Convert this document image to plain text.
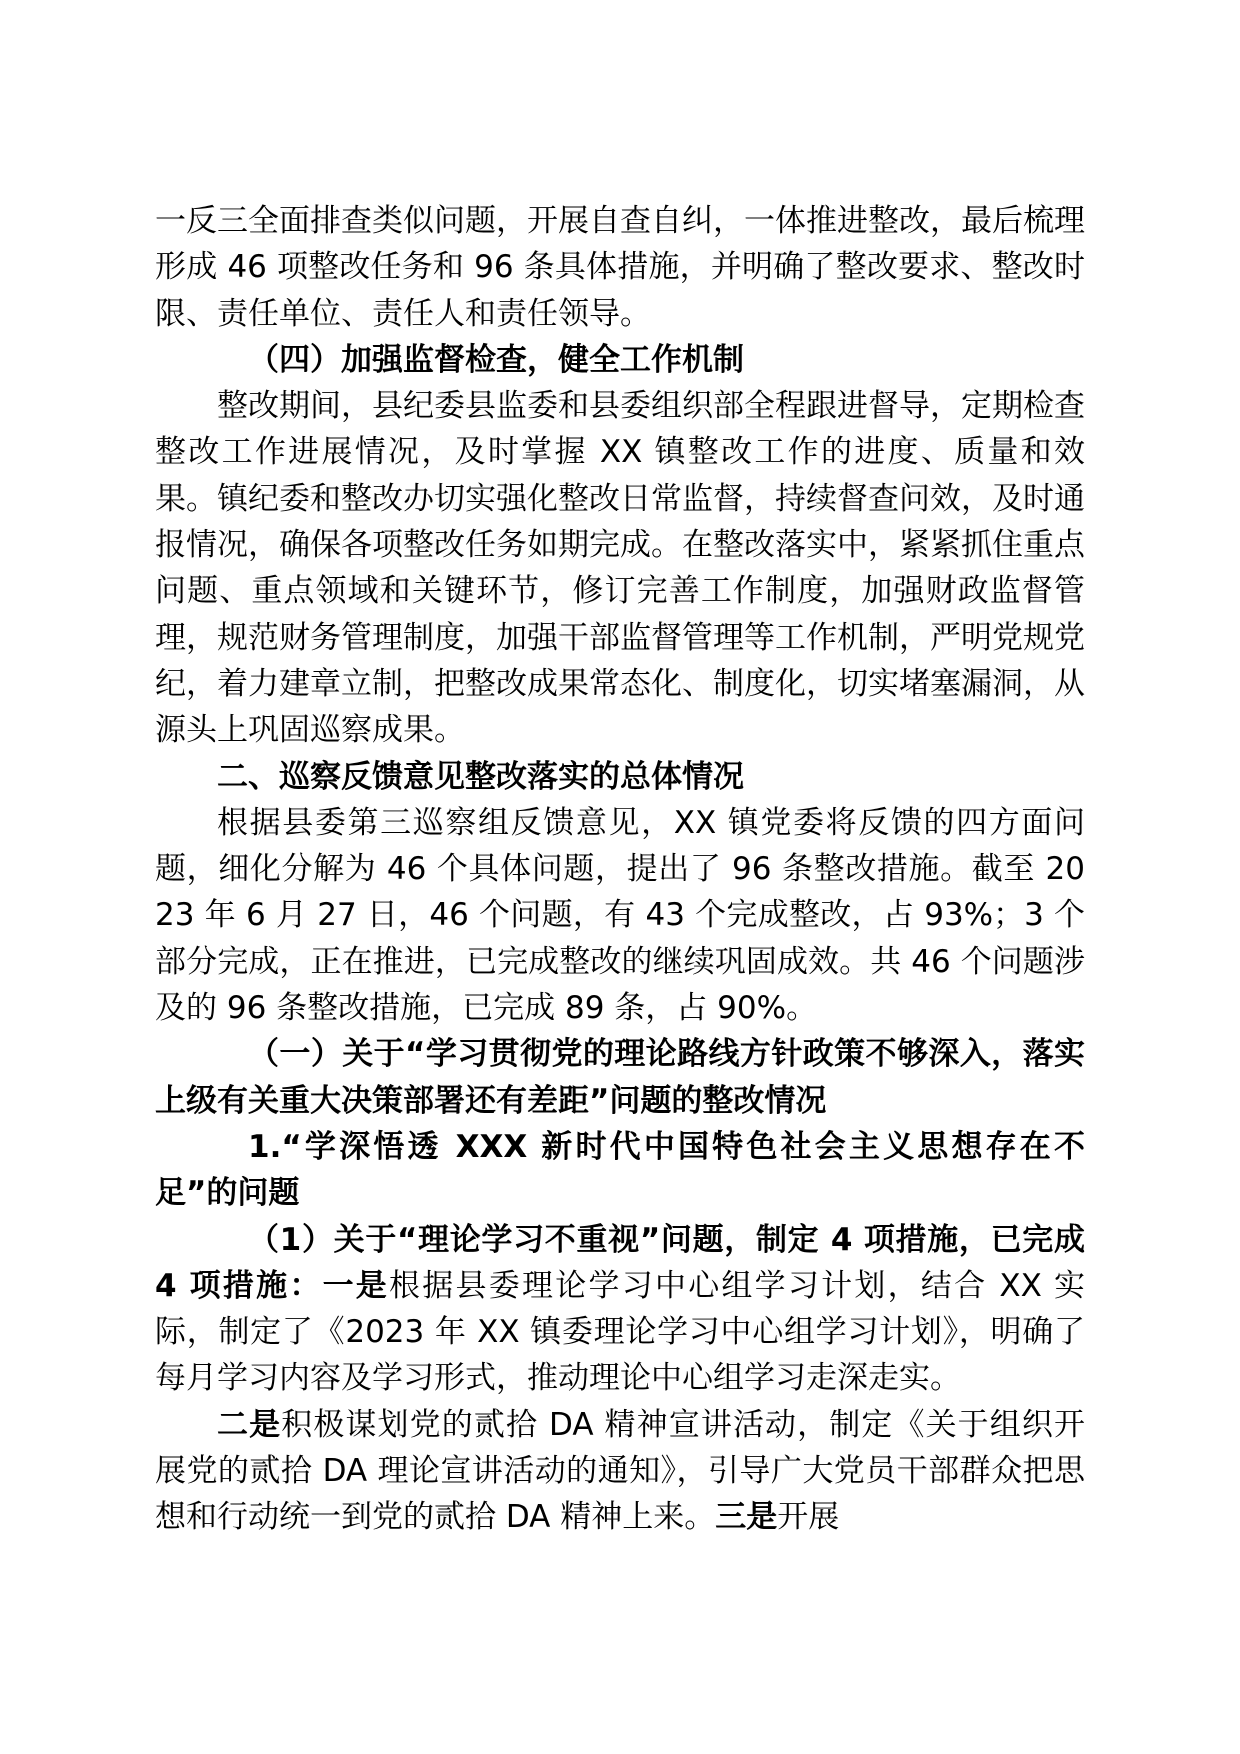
一反三全面排查类似问题，开展自查自纠，一体推进整改，最后梳理形成 46 项整改任务和 96 条具体措施，并明确了整改要求、整改时限、责任单位、责任人和责任领导。

（四）加强监督检查，健全工作机制

整改期间，县纪委县监委和县委组织部全程跟进督导，定期检查整改工作进展情况，及时掌握 XX 镇整改工作的进度、质量和效果。镇纪委和整改办切实强化整改日常监督，持续督查问效，及时通报情况，确保各项整改任务如期完成。在整改落实中，紧紧抓住重点问题、重点领域和关键环节，修订完善工作制度，加强财政监督管理，规范财务管理制度，加强干部监督管理等工作机制，严明党规党纪，着力建章立制，把整改成果常态化、制度化，切实堵塞漏洞，从源头上巩固巡察成果。

二、巡察反馈意见整改落实的总体情况

根据县委第三巡察组反馈意见，XX 镇党委将反馈的四方面问题，细化分解为 46 个具体问题，提出了 96 条整改措施。截至 2023 年 6 月 27 日，46 个问题，有 43 个完成整改，占 93%；3 个部分完成，正在推进，已完成整改的继续巩固成效。共 46 个问题涉及的 96 条整改措施，已完成 89 条，占 90%。

（一）关于“学习贯彻党的理论路线方针政策不够深入，落实上级有关重大决策部署还有差距”问题的整改情况

1.“学深悟透 XXX 新时代中国特色社会主义思想存在不足”的问题

（1）关于“理论学习不重视”问题，制定 4 项措施，已完成 4 项措施：一是根据县委理论学习中心组学习计划，结合 XX 实际，制定了《2023 年 XX 镇委理论学习中心组学习计划》，明确了每月学习内容及学习形式，推动理论中心组学习走深走实。

二是积极谋划党的贰拾 DA 精神宣讲活动，制定《关于组织开展党的贰拾 DA 理论宣讲活动的通知》，引导广大党员干部群众把思想和行动统一到党的贰拾 DA 精神上来。三是开展
